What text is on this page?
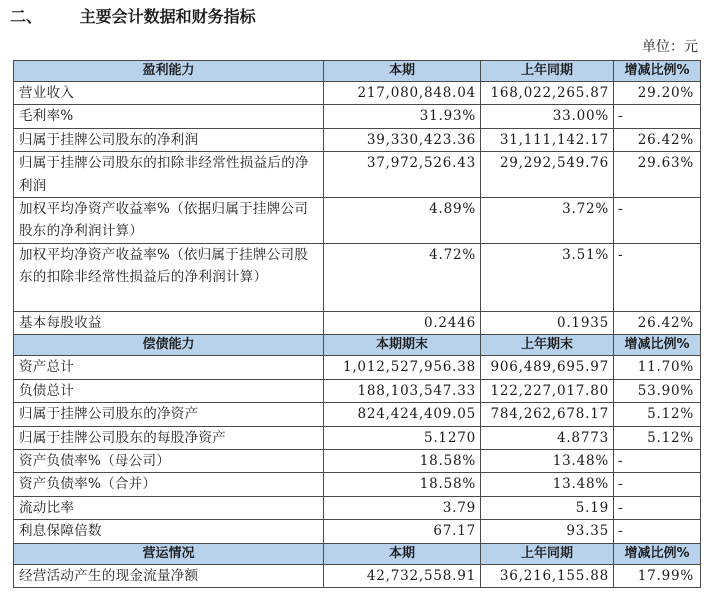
二、 主要会计数据和财务指标
单位：元
盈利能力	本期	上年同期	增减比例%
营业收入	217,080,848.04	168,022,265.87	29.20%
毛利率%	31.93%	33.00%	-
归属于挂牌公司股东的净利润	39,330,423.36	31,111,142.17	26.42%
归属于挂牌公司股东的扣除非经常性损益后的净利润	37,972,526.43	29,292,549.76	29.63%
加权平均净资产收益率%（依据归属于挂牌公司股东的净利润计算）	4.89%	3.72%	-
加权平均净资产收益率%（依归属于挂牌公司股东的扣除非经常性损益后的净利润计算）	4.72%	3.51%	-
基本每股收益	0.2446	0.1935	26.42%
偿债能力	本期期末	上年期末	增减比例%
资产总计	1,012,527,956.38	906,489,695.97	11.70%
负债总计	188,103,547.33	122,227,017.80	53.90%
归属于挂牌公司股东的净资产	824,424,409.05	784,262,678.17	5.12%
归属于挂牌公司股东的每股净资产	5.1270	4.8773	5.12%
资产负债率%（母公司）	18.58%	13.48%	-
资产负债率%（合并）	18.58%	13.48%	-
流动比率	3.79	5.19	-
利息保障倍数	67.17	93.35	-
营运情况	本期	上年同期	增减比例%
经营活动产生的现金流量净额	42,732,558.91	36,216,155.88	17.99%
